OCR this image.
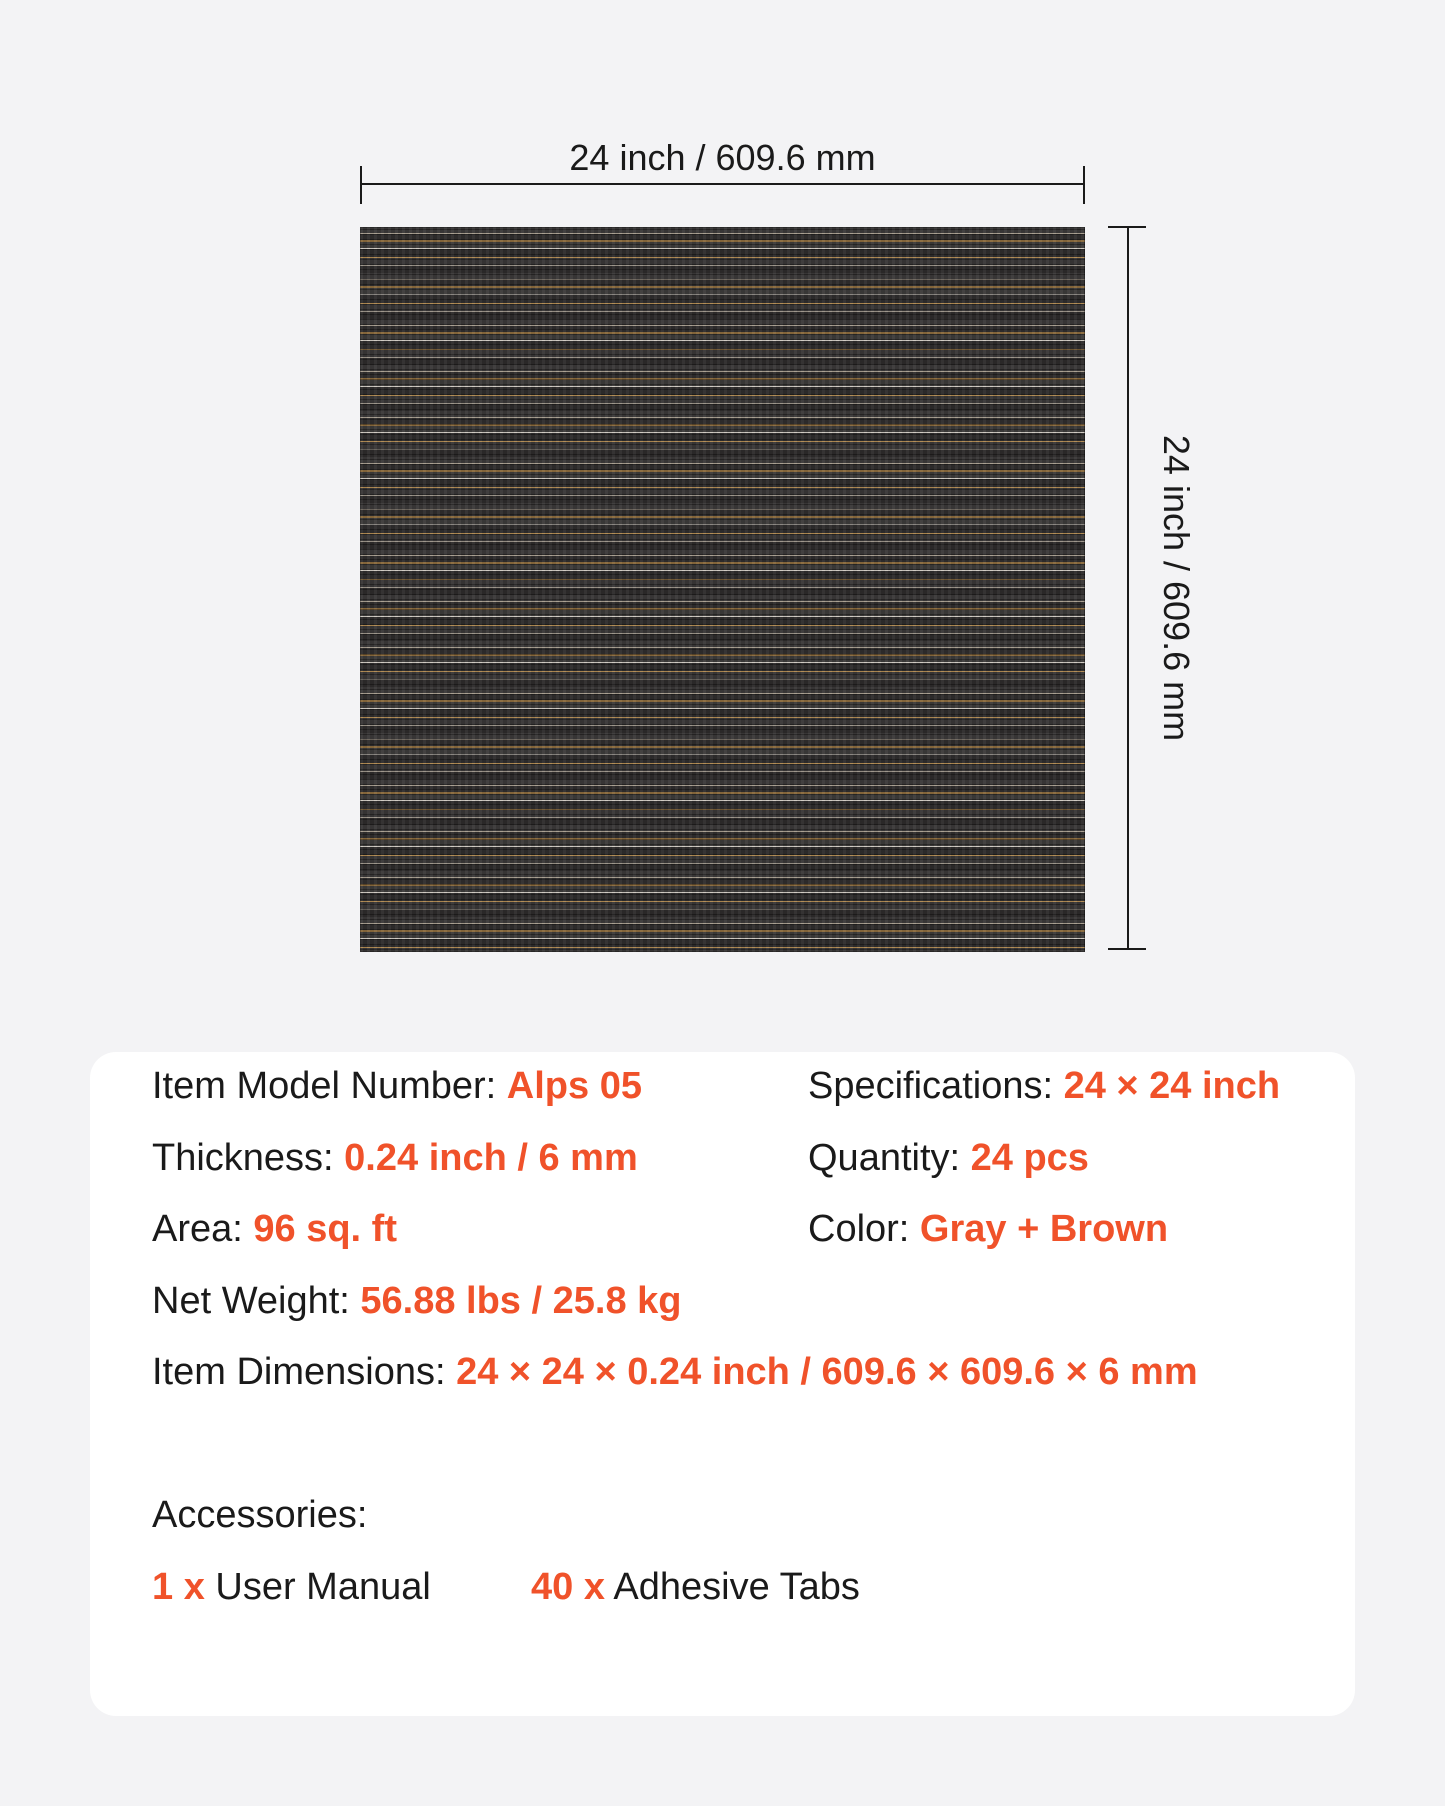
24 inch / 609.6 mm
24 inch / 609.6 mm
Item Model Number: Alps 05	Specifications: 24 × 24 inch
Thickness: 0.24 inch / 6 mm	Quantity: 24 pcs
Area: 96 sq. ft	Color: Gray + Brown
Net Weight: 56.88 lbs / 25.8 kg
Item Dimensions: 24 × 24 × 0.24 inch / 609.6 × 609.6 × 6 mm
Accessories:
1 x User Manual	40 x Adhesive Tabs
